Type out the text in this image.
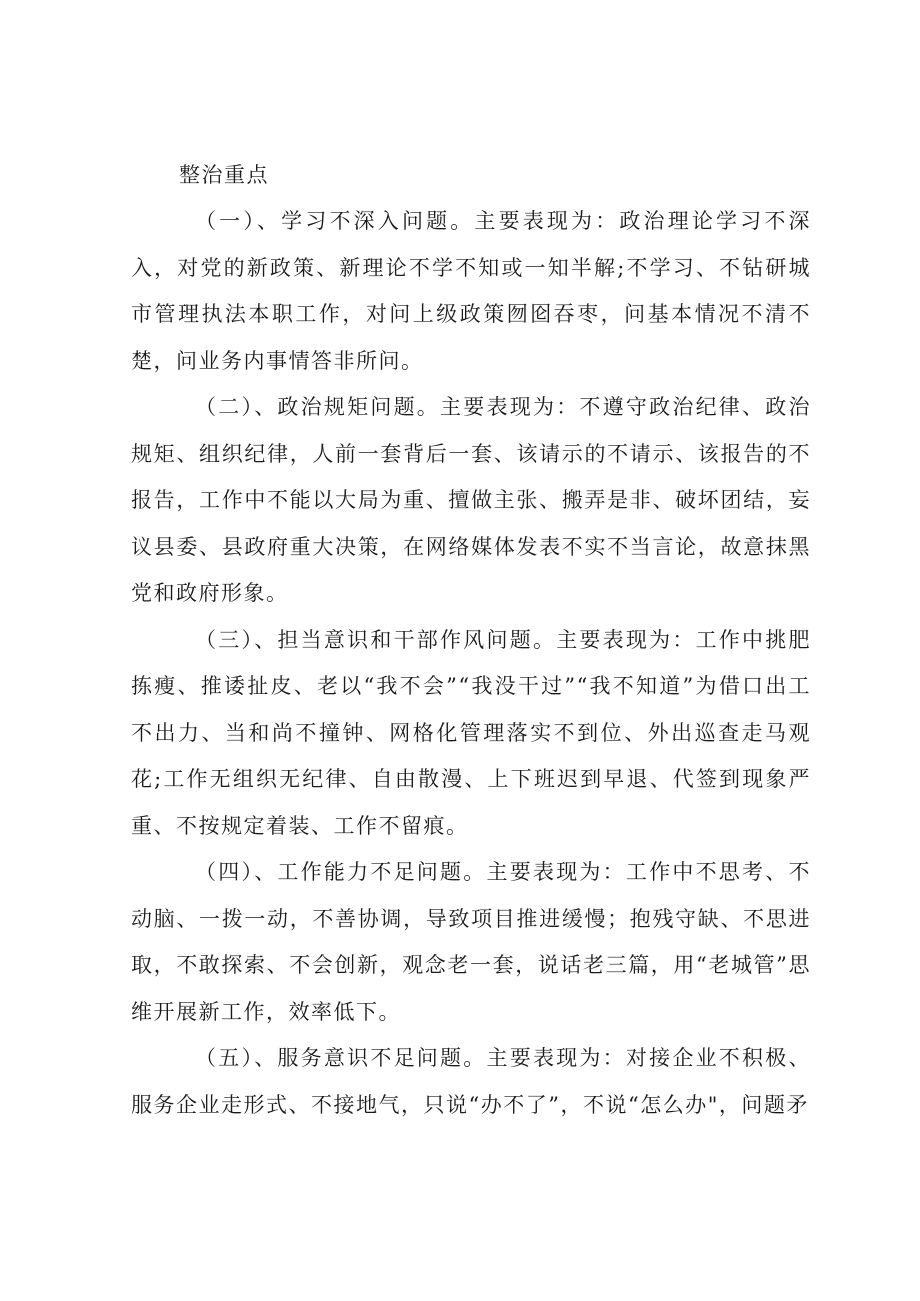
整治重点

（一）、学习不深入问题。主要表现为：政治理论学习不深入，对党的新政策、新理论不学不知或一知半解;不学习、不钻研城市管理执法本职工作，对问上级政策囫囵吞枣，问基本情况不清不楚，问业务内事情答非所问。

（二）、政治规矩问题。主要表现为：不遵守政治纪律、政治规矩、组织纪律，人前一套背后一套、该请示的不请示、该报告的不报告，工作中不能以大局为重、擅做主张、搬弄是非、破坏团结，妄议县委、县政府重大决策，在网络媒体发表不实不当言论，故意抹黑党和政府形象。

（三）、担当意识和干部作风问题。主要表现为：工作中挑肥拣瘦、推诿扯皮、老以“我不会”“我没干过”“我不知道”为借口出工不出力、当和尚不撞钟、网格化管理落实不到位、外出巡查走马观花;工作无组织无纪律、自由散漫、上下班迟到早退、代签到现象严重、不按规定着装、工作不留痕。

（四）、工作能力不足问题。主要表现为：工作中不思考、不动脑、一拨一动，不善协调，导致项目推进缓慢；抱残守缺、不思进取，不敢探索、不会创新，观念老一套，说话老三篇，用“老城管”思维开展新工作，效率低下。

（五）、服务意识不足问题。主要表现为：对接企业不积极、服务企业走形式、不接地气，只说“办不了”，不说“怎么办"，问题矛
